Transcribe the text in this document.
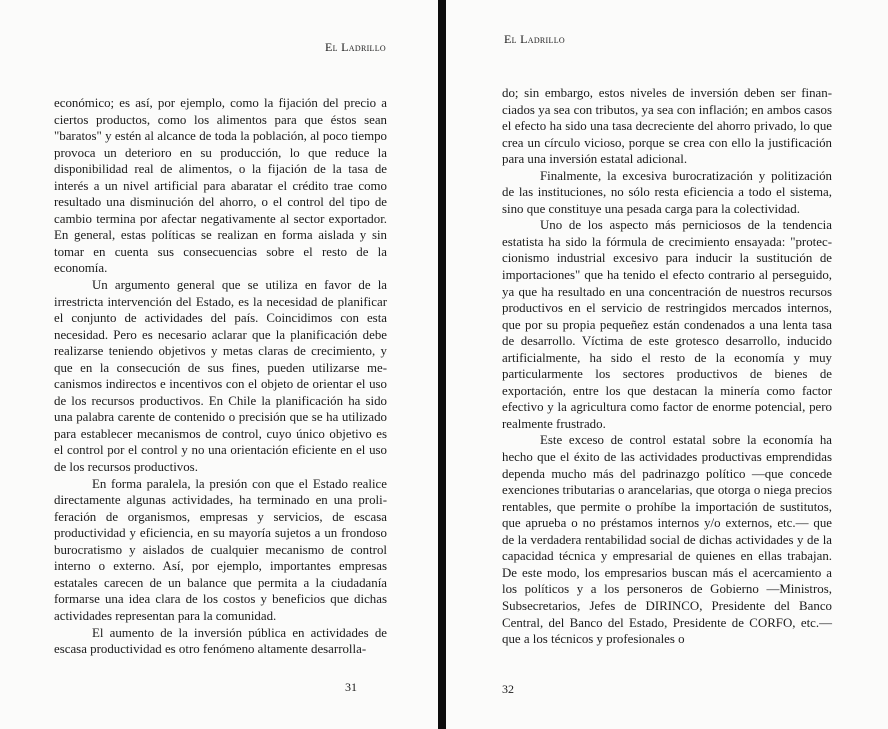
El Ladrillo

económico; es así, por ejemplo, como la fijación del precio a ciertos productos, como los alimentos para que éstos sean "baratos" y estén al alcance de toda la población, al poco tiempo provoca un deterioro en su producción, lo que reduce la disponibilidad real de alimentos, o la fijación de la tasa de interés a un nivel artificial para abaratar el crédito trae como resultado una disminución del ahorro, o el control del tipo de cambio termina por afectar negativamente al sector exportador. En general, estas políticas se realizan en forma aislada y sin tomar en cuenta sus consecuencias sobre el resto de la economía.

Un argumento general que se utiliza en favor de la irrestricta intervención del Estado, es la necesidad de planificar el conjunto de actividades del país. Coincidimos con esta necesidad. Pero es necesario aclarar que la planificación debe realizarse teniendo objetivos y metas claras de crecimiento, y que en la consecución de sus fines, pueden utilizarse mecanismos indirectos e incentivos con el objeto de orientar el uso de los recursos productivos. En Chile la planificación ha sido una palabra carente de contenido o precisión que se ha utilizado para establecer mecanismos de control, cuyo único objetivo es el control por el control y no una orientación eficiente en el uso de los recursos productivos.

En forma paralela, la presión con que el Estado realice directamente algunas actividades, ha terminado en una proliferación de organismos, empresas y servicios, de escasa productividad y eficiencia, en su mayoría sujetos a un frondoso burocratismo y aislados de cualquier mecanismo de control interno o externo. Así, por ejemplo, importantes empresas estatales carecen de un balance que permita a la ciudadanía formarse una idea clara de los costos y beneficios que dichas actividades representan para la comunidad.

El aumento de la inversión pública en actividades de escasa productividad es otro fenómeno altamente desarrolla-

31
El Ladrillo

do; sin embargo, estos niveles de inversión deben ser financiados ya sea con tributos, ya sea con inflación; en ambos casos el efecto ha sido una tasa decreciente del ahorro privado, lo que crea un círculo vicioso, porque se crea con ello la justificación para una inversión estatal adicional.

Finalmente, la excesiva burocratización y politización de las instituciones, no sólo resta eficiencia a todo el sistema, sino que constituye una pesada carga para la colectividad.

Uno de los aspecto más perniciosos de la tendencia estatista ha sido la fórmula de crecimiento ensayada: "proteccionismo industrial excesivo para inducir la sustitución de importaciones" que ha tenido el efecto contrario al perseguido, ya que ha resultado en una concentración de nuestros recursos productivos en el servicio de restringidos mercados internos, que por su propia pequeñez están condenados a una lenta tasa de desarrollo. Víctima de este grotesco desarrollo, inducido artificialmente, ha sido el resto de la economía y muy particularmente los sectores productivos de bienes de exportación, entre los que destacan la minería como factor efectivo y la agricultura como factor de enorme potencial, pero realmente frustrado.

Este exceso de control estatal sobre la economía ha hecho que el éxito de las actividades productivas emprendidas dependa mucho más del padrinazgo político —que concede exenciones tributarias o arancelarias, que otorga o niega precios rentables, que permite o prohíbe la importación de sustitutos, que aprueba o no préstamos internos y/o externos, etc.— que de la verdadera rentabilidad social de dichas actividades y de la capacidad técnica y empresarial de quienes en ellas trabajan. De este modo, los empresarios buscan más el acercamiento a los políticos y a los personeros de Gobierno —Ministros, Subsecretarios, Jefes de DIRINCO, Presidente del Banco Central, del Banco del Estado, Presidente de CORFO, etc.— que a los técnicos y profesionales o

32
